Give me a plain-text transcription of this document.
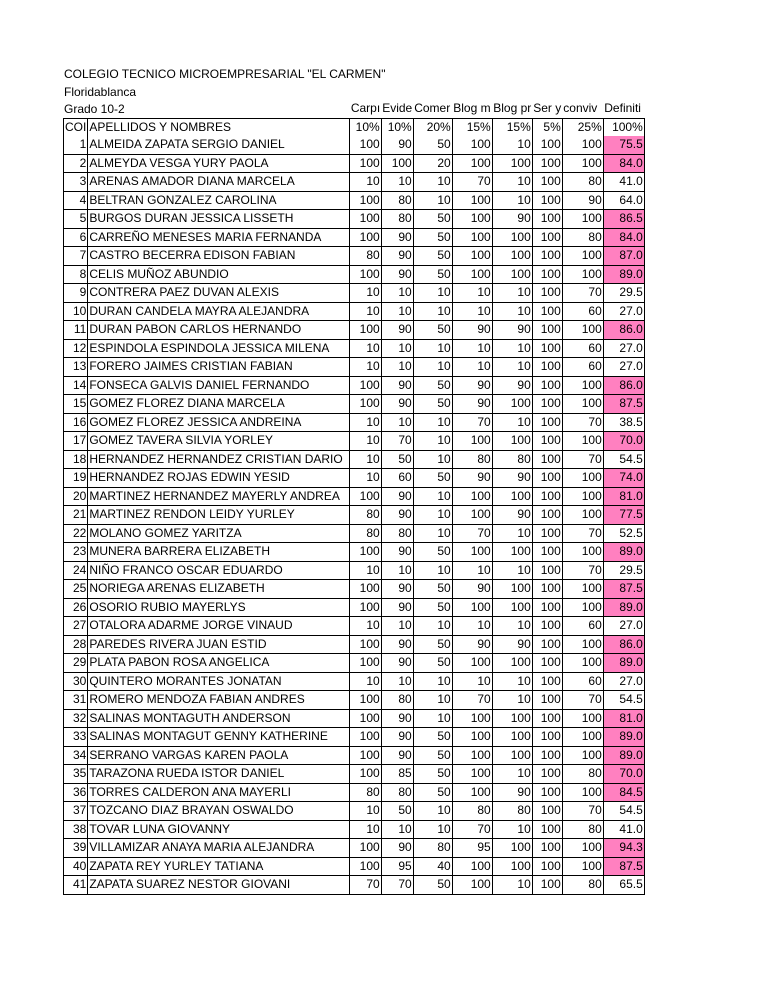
COLEGIO TECNICO MICROEMPRESARIAL "EL CARMEN"
Floridablanca
Grado 10-2
			Carpı	Evide	Comer	Blog m	Blog pr	Ser y	conviv	Definiti
COI	APELLIDOS Y NOMBRES	10%	10%	20%	15%	15%	5%	25%	100%
1	ALMEIDA ZAPATA SERGIO DANIEL	100	90	50	100	10	100	100	75.5
2	ALMEYDA VESGA YURY PAOLA	100	100	20	100	100	100	100	84.0
3	ARENAS AMADOR DIANA MARCELA	10	10	10	70	10	100	80	41.0
4	BELTRAN GONZALEZ CAROLINA	100	80	10	100	10	100	90	64.0
5	BURGOS DURAN JESSICA LISSETH	100	80	50	100	90	100	100	86.5
6	CARREÑO MENESES MARIA FERNANDA	100	90	50	100	100	100	80	84.0
7	CASTRO BECERRA EDISON FABIAN	80	90	50	100	100	100	100	87.0
8	CELIS MUÑOZ ABUNDIO	100	90	50	100	100	100	100	89.0
9	CONTRERA PAEZ DUVAN ALEXIS	10	10	10	10	10	100	70	29.5
10	DURAN CANDELA MAYRA ALEJANDRA	10	10	10	10	10	100	60	27.0
11	DURAN PABON CARLOS HERNANDO	100	90	50	90	90	100	100	86.0
12	ESPINDOLA ESPINDOLA JESSICA MILENA	10	10	10	10	10	100	60	27.0
13	FORERO JAIMES CRISTIAN FABIAN	10	10	10	10	10	100	60	27.0
14	FONSECA GALVIS DANIEL FERNANDO	100	90	50	90	90	100	100	86.0
15	GOMEZ FLOREZ DIANA MARCELA	100	90	50	90	100	100	100	87.5
16	GOMEZ FLOREZ JESSICA ANDREINA	10	10	10	70	10	100	70	38.5
17	GOMEZ TAVERA SILVIA YORLEY	10	70	10	100	100	100	100	70.0
18	HERNANDEZ HERNANDEZ CRISTIAN DARIO	10	50	10	80	80	100	70	54.5
19	HERNANDEZ ROJAS EDWIN YESID	10	60	50	90	90	100	100	74.0
20	MARTINEZ HERNANDEZ MAYERLY ANDREA	100	90	10	100	100	100	100	81.0
21	MARTINEZ RENDON LEIDY YURLEY	80	90	10	100	90	100	100	77.5
22	MOLANO GOMEZ YARITZA	80	80	10	70	10	100	70	52.5
23	MUNERA BARRERA ELIZABETH	100	90	50	100	100	100	100	89.0
24	NIÑO FRANCO OSCAR EDUARDO	10	10	10	10	10	100	70	29.5
25	NORIEGA ARENAS ELIZABETH	100	90	50	90	100	100	100	87.5
26	OSORIO RUBIO MAYERLYS	100	90	50	100	100	100	100	89.0
27	OTALORA ADARME JORGE VINAUD	10	10	10	10	10	100	60	27.0
28	PAREDES RIVERA JUAN ESTID	100	90	50	90	90	100	100	86.0
29	PLATA PABON ROSA ANGELICA	100	90	50	100	100	100	100	89.0
30	QUINTERO MORANTES JONATAN	10	10	10	10	10	100	60	27.0
31	ROMERO MENDOZA FABIAN ANDRES	100	80	10	70	10	100	70	54.5
32	SALINAS MONTAGUTH ANDERSON	100	90	10	100	100	100	100	81.0
33	SALINAS MONTAGUT GENNY KATHERINE	100	90	50	100	100	100	100	89.0
34	SERRANO VARGAS KAREN PAOLA	100	90	50	100	100	100	100	89.0
35	TARAZONA RUEDA ISTOR DANIEL	100	85	50	100	10	100	80	70.0
36	TORRES CALDERON ANA MAYERLI	80	80	50	100	90	100	100	84.5
37	TOZCANO DIAZ BRAYAN OSWALDO	10	50	10	80	80	100	70	54.5
38	TOVAR LUNA GIOVANNY	10	10	10	70	10	100	80	41.0
39	VILLAMIZAR ANAYA MARIA ALEJANDRA	100	90	80	95	100	100	100	94.3
40	ZAPATA REY YURLEY TATIANA	100	95	40	100	100	100	100	87.5
41	ZAPATA SUAREZ NESTOR GIOVANI	70	70	50	100	10	100	80	65.5
